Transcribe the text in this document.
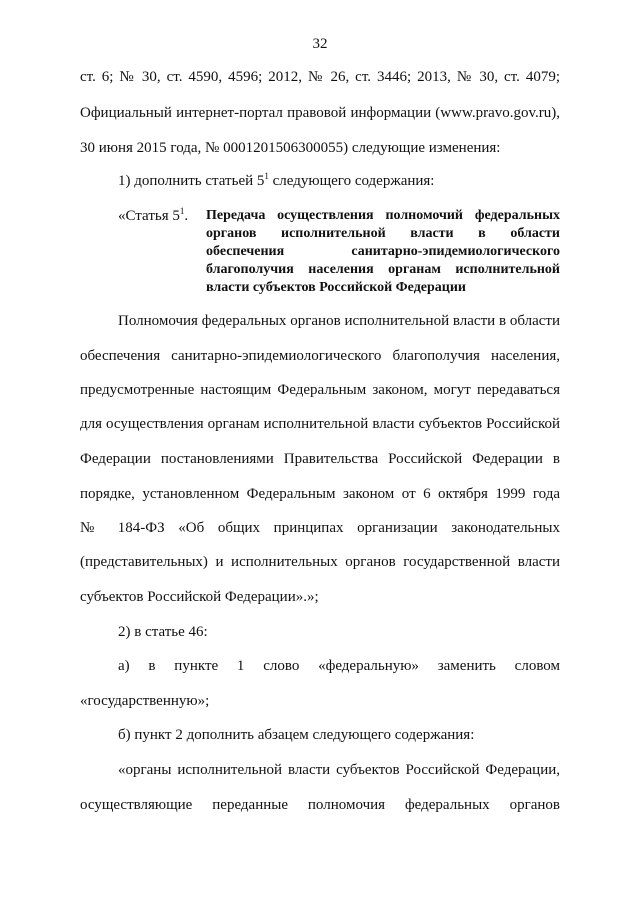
32
ст. 6; № 30, ст. 4590, 4596; 2012, № 26, ст. 3446; 2013, № 30, ст. 4079;
Официальный интернет-портал правовой информации (www.pravo.gov.ru),
30 июня 2015 года, № 0001201506300055) следующие изменения:
1) дополнить статьей $5^1$ следующего содержания:
«Статья $5^1$. Передача осуществления полномочий федеральных
органов исполнительной власти в области
обеспечения санитарно-эпидемиологического
благополучия населения органам исполнительной
власти субъектов Российской Федерации
Полномочия федеральных органов исполнительной власти в области
обеспечения санитарно-эпидемиологического благополучия населения,
предусмотренные настоящим Федеральным законом, могут передаваться
для осуществления органам исполнительной власти субъектов Российской
Федерации постановлениями Правительства Российской Федерации в
порядке, установленном Федеральным законом от 6 октября 1999 года
№ 184-ФЗ «Об общих принципах организации законодательных
(представительных) и исполнительных органов государственной власти
субъектов Российской Федерации».»;
2) в статье 46:
а) в пункте 1 слово «федеральную» заменить словом
«государственную»;
б) пункт 2 дополнить абзацем следующего содержания:
«органы исполнительной власти субъектов Российской Федерации,
осуществляющие переданные полномочия федеральных органов
